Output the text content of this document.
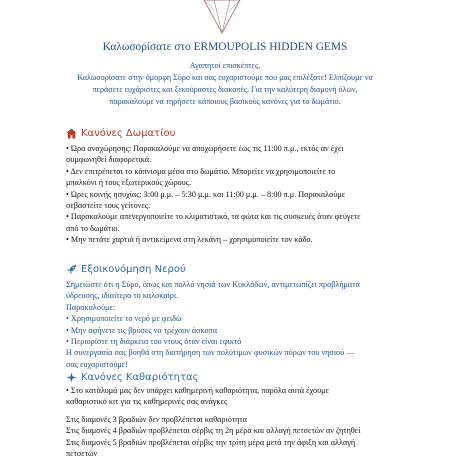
Καλωσορίσατε στο ERMOUPOLIS HIDDEN GEMS
Αγαπητοί επισκέπτες,
Καλωσορίσατε στην όμορφη Σύρο και σας ευχαριστούμε που μας επιλέξατε! Ελπίζουμε να
περάσετε ευχάριστες και ξεκούραστες διακοπές. Για την καλύτερη διαμονή όλων,
παρακαλούμε να τηρήσετε κάποιους βασικούς κανόνες για το δωμάτιο.
Κανόνες Δωματίου
• Ώρα αναχώρησης: Παρακαλούμε να αποχωρήσετε έως τις 11:00 π.μ., εκτός αν έχει
συμφωνηθεί διαφορετικά.
• Δεν επιτρέπεται το κάπνισμα μέσα στο δωμάτιο. Μπορείτε να χρησιμοποιείτε το
μπαλκόνι ή τους εξωτερικούς χώρους.
• Ώρες κοινής ησυχίας: 3:00 μ.μ. – 5:30 μ.μ. και 11:00 μ.μ. – 8:00 π.μ. Παρακαλούμε
σεβαστείτε τους γείτονες.
• Παρακαλούμε απενεργοποιείτε το κλιματιστικό, τα φώτα και τις συσκευές όταν φεύγετε
από το δωμάτιο.
• Μην πετάτε χαρτιά ή αντικείμενα στη λεκάνη – χρησιμοποιείτε τον κάδο.
Εξοικονόμηση Νερού
Σημειώστε ότι η Σύρο, όπως και πολλά νησιά των Κυκλάδων, αντιμετωπίζει προβλήματα
ύδρευσης, ιδιαίτερα το καλοκαίρι.
Παρακαλούμε:
• Χρησιμοποιείτε το νερό με φειδώ
• Μην αφήνετε τις βρύσες να τρέχουν άσκοπα
• Περιορίστε τη διάρκεια του ντους όταν είναι εφικτό
Η συνεργασία σας βοηθά στη διατήρηση των πολύτιμων φυσικών πόρων του νησιού —
σας ευχαριστούμε!
Κανόνες Καθαριότητας
• Στο κατάλυμά μας δεν υπάρχει καθημερινή καθαριότητα, παρόλα αυτά έχουμε
καθαριστικό κιτ για τις καθημερινές σας ανάγκες
Στις διαμονές 3 βραδιών δεν προβλέπεται καθαριότητα
Στις διαμονές 4 βραδιών προβλέπεται σέρβις τη 2η μέρα και αλλαγή πετσετών αν ζητηθεί
Στις διαμονές 5 βραδιών προβλέπεται σέρβις την τρίτη μέρα μετά την άφιξη και αλλαγή
πετσετών
